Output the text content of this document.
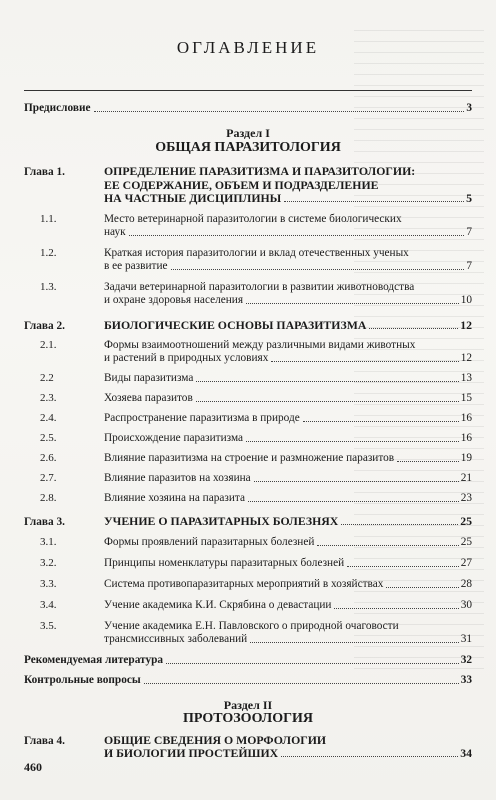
ОГЛАВЛЕНИЕ
Предисловие	3
Раздел I
ОБЩАЯ ПАРАЗИТОЛОГИЯ
Глава 1.	ОПРЕДЕЛЕНИЕ ПАРАЗИТИЗМА И ПАРАЗИТОЛОГИИ:
ЕЕ СОДЕРЖАНИЕ, ОБЪЕМ И ПОДРАЗДЕЛЕНИЕ
НА ЧАСТНЫЕ ДИСЦИПЛИНЫ	5
1.1.	Место ветеринарной паразитологии в системе биологических
наук	7
1.2.	Краткая история паразитологии и вклад отечественных ученых
в ее развитие	7
1.3.	Задачи ветеринарной паразитологии в развитии животноводства
и охране здоровья населения	10
Глава 2.	БИОЛОГИЧЕСКИЕ ОСНОВЫ ПАРАЗИТИЗМА	12
2.1.	Формы взаимоотношений между различными видами животных
и растений в природных условиях	12
2.2	Виды паразитизма	13
2.3.	Хозяева паразитов	15
2.4.	Распространение паразитизма в природе	16
2.5.	Происхождение паразитизма	16
2.6.	Влияние паразитизма на строение и размножение паразитов	19
2.7.	Влияние паразитов на хозяина	21
2.8.	Влияние хозяина на паразита	23
Глава 3.	УЧЕНИЕ О ПАРАЗИТАРНЫХ БОЛЕЗНЯХ	25
3.1.	Формы проявлений паразитарных болезней	25
3.2.	Принципы номенклатуры паразитарных болезней	27
3.3.	Система противопаразитарных мероприятий в хозяйствах	28
3.4.	Учение академика К.И. Скрябина о девастации	30
3.5.	Учение академика Е.Н. Павловского о природной очаговости
трансмиссивных заболеваний	31
Рекомендуемая литература	32
Контрольные вопросы	33
Раздел II
ПРОТОЗООЛОГИЯ
Глава 4.	ОБЩИЕ СВЕДЕНИЯ О МОРФОЛОГИИ
И БИОЛОГИИ ПРОСТЕЙШИХ	34
460
